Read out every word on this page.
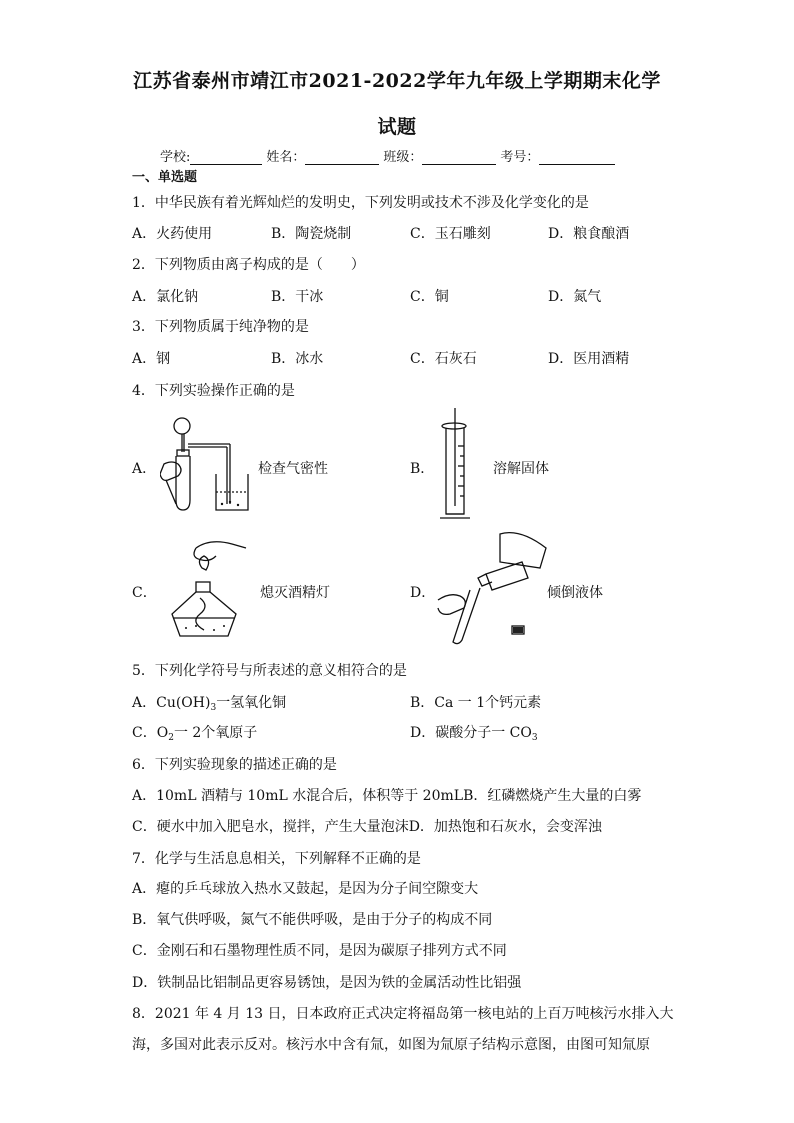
江苏省泰州市靖江市2021-2022学年九年级上学期期末化学
试题
学校:	姓名：	班级：	考号：
一、单选题
1．中华民族有着光辉灿烂的发明史，下列发明或技术不涉及化学变化的是
A．火药使用	B．陶瓷烧制	C．玉石雕刻	D．粮食酿酒
2．下列物质由离子构成的是（　　）
A．氯化钠	B．干冰	C．铜	D．氮气
3．下列物质属于纯净物的是
A．钢	B．冰水	C．石灰石	D．医用酒精
4．下列实验操作正确的是
A．	检查气密性	B．	溶解固体
C．	熄灭酒精灯	D．	倾倒液体
5．下列化学符号与所表述的意义相符合的是
A．$Cu(OH)_3$一氢氧化铜	B．Ca 一 1个钙元素
C．$O_2$一 2个氧原子	D．碳酸分子一 $CO_3$
6．下列实验现象的描述正确的是
A．10mL 酒精与 10mL 水混合后，体积等于 20mLB．红磷燃烧产生大量的白雾
C．硬水中加入肥皂水，搅拌，产生大量泡沫D．加热饱和石灰水，会变浑浊
7．化学与生活息息相关，下列解释不正确的是
A．瘪的乒乓球放入热水又鼓起，是因为分子间空隙变大
B．氧气供呼吸，氮气不能供呼吸，是由于分子的构成不同
C．金刚石和石墨物理性质不同，是因为碳原子排列方式不同
D．铁制品比铝制品更容易锈蚀，是因为铁的金属活动性比铝强
8．2021 年 4 月 13 日，日本政府正式决定将福岛第一核电站的上百万吨核污水排入大
海，多国对此表示反对。核污水中含有氚，如图为氚原子结构示意图，由图可知氚原
